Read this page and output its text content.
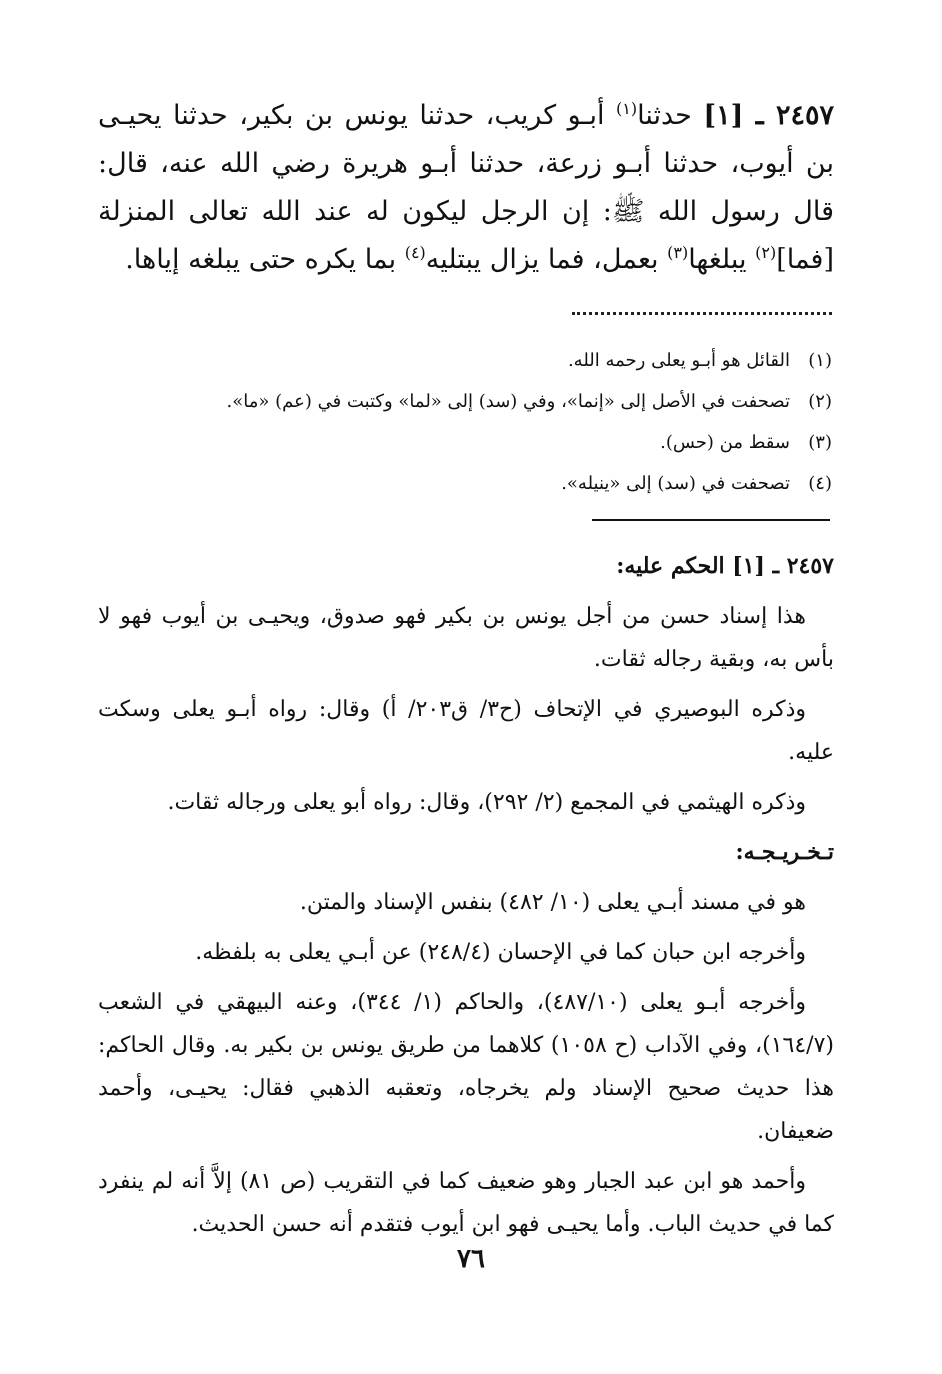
٢٤٥٧ ـ [١] حدثنا$^{(١)}$ أبـو كريب، حدثنا يونس بن بكير، حدثنا يحيـى بن أيوب، حدثنا أبـو زرعة، حدثنا أبـو هريرة رضي الله عنه، قال: قال رسول الله ﷺ: إن الرجل ليكون له عند الله تعالى المنزلة [فما]$^{(٢)}$ يبلغها$^{(٣)}$ بعمل، فما يزال يبتليه$^{(٤)}$ بما يكره حتى يبلغه إياها.

(١)
القائل هو أبـو يعلى رحمه الله.
(٢)
تصحفت في الأصل إلى «إنما»، وفي (سد) إلى «لما» وكتبت في (عم) «ما».
(٣)
سقط من (حس).
(٤)
تصحفت في (سد) إلى «ينيله».

٢٤٥٧ ـ [١] الحكم عليه:

هذا إسناد حسن من أجل يونس بن بكير فهو صدوق، ويحيـى بن أيوب فهو لا بأس به، وبقية رجاله ثقات.

وذكره البوصيري في الإتحاف (ح٣/ ق٢٠٣/ أ) وقال: رواه أبـو يعلى وسكت عليه.

وذكره الهيثمي في المجمع (٢/ ٢٩٢)، وقال: رواه أبو يعلى ورجاله ثقات.

تـخـريـجـه:

هو في مسند أبـي يعلى (١٠/ ٤٨٢) بنفس الإسناد والمتن.

وأخرجه ابن حبان كما في الإحسان (٢٤٨/٤) عن أبـي يعلى به بلفظه.

وأخرجه أبـو يعلى (٤٨٧/١٠)، والحاكم (١/ ٣٤٤)، وعنه البيهقي في الشعب (١٦٤/٧)، وفي الآداب (ح ١٠٥٨) كلاهما من طريق يونس بن بكير به. وقال الحاكم: هذا حديث صحيح الإسناد ولم يخرجاه، وتعقبه الذهبي فقال: يحيـى، وأحمد ضعيفان.

وأحمد هو ابن عبد الجبار وهو ضعيف كما في التقريب (ص ٨١) إلاَّ أنه لم ينفرد كما في حديث الباب. وأما يحيـى فهو ابن أيوب فتقدم أنه حسن الحديث.

٧٦
